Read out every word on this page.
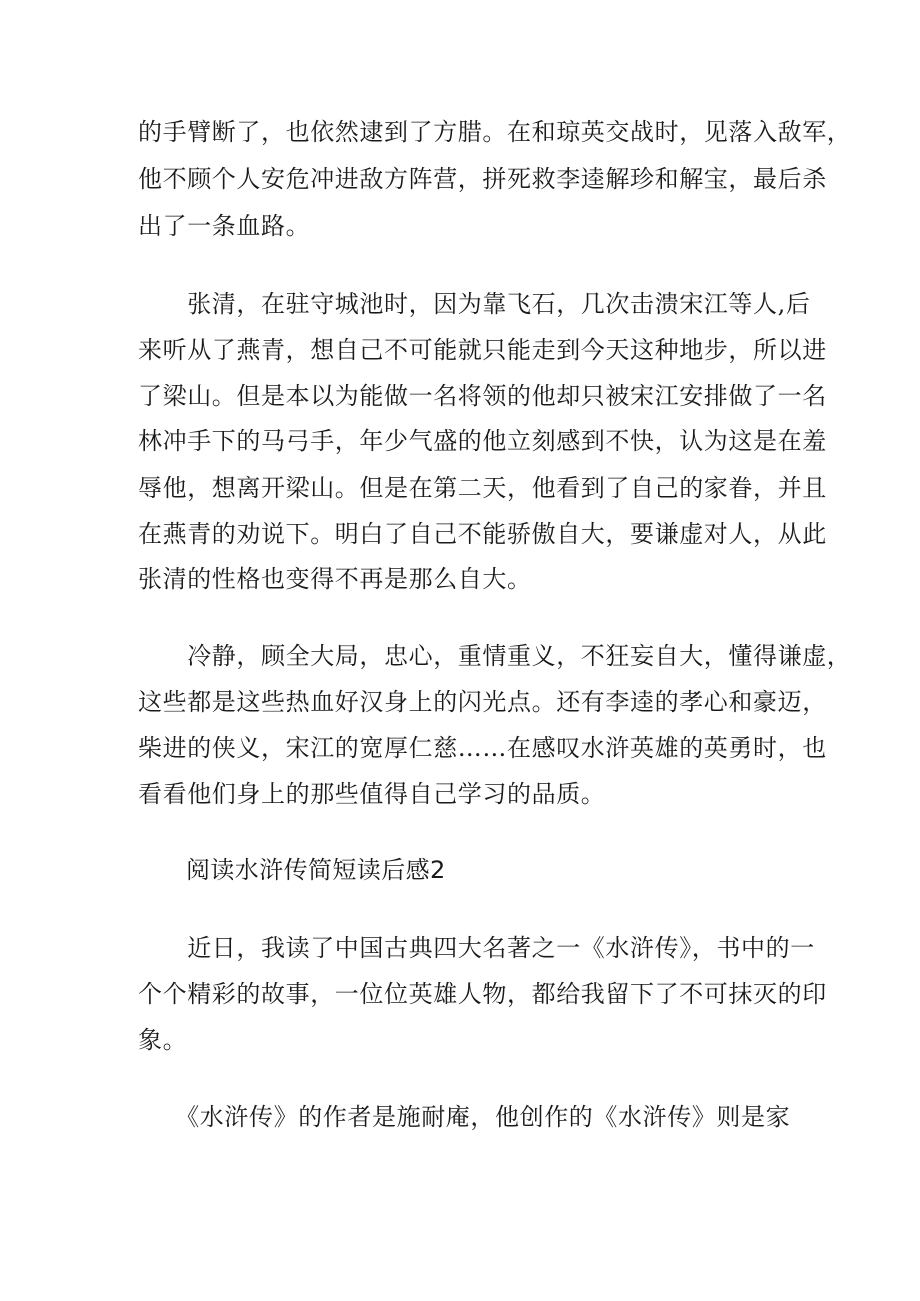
的手臂断了，也依然逮到了方腊。在和琼英交战时，见落入敌军，
他不顾个人安危冲进敌方阵营，拼死救李逵解珍和解宝，最后杀
出了一条血路。
　　张清，在驻守城池时，因为靠飞石，几次击溃宋江等人,后
来听从了燕青，想自己不可能就只能走到今天这种地步，所以进
了梁山。但是本以为能做一名将领的他却只被宋江安排做了一名
林冲手下的马弓手，年少气盛的他立刻感到不快，认为这是在羞
辱他，想离开梁山。但是在第二天，他看到了自己的家眷，并且
在燕青的劝说下。明白了自己不能骄傲自大，要谦虚对人，从此
张清的性格也变得不再是那么自大。
　　冷静，顾全大局，忠心，重情重义，不狂妄自大，懂得谦虚，
这些都是这些热血好汉身上的闪光点。还有李逵的孝心和豪迈，
柴进的侠义，宋江的宽厚仁慈……在感叹水浒英雄的英勇时，也
看看他们身上的那些值得自己学习的品质。
阅读水浒传简短读后感2
　　近日，我读了中国古典四大名著之一《水浒传》，书中的一
个个精彩的故事，一位位英雄人物，都给我留下了不可抹灭的印
象。
　　《水浒传》的作者是施耐庵，他创作的《水浒传》则是家
